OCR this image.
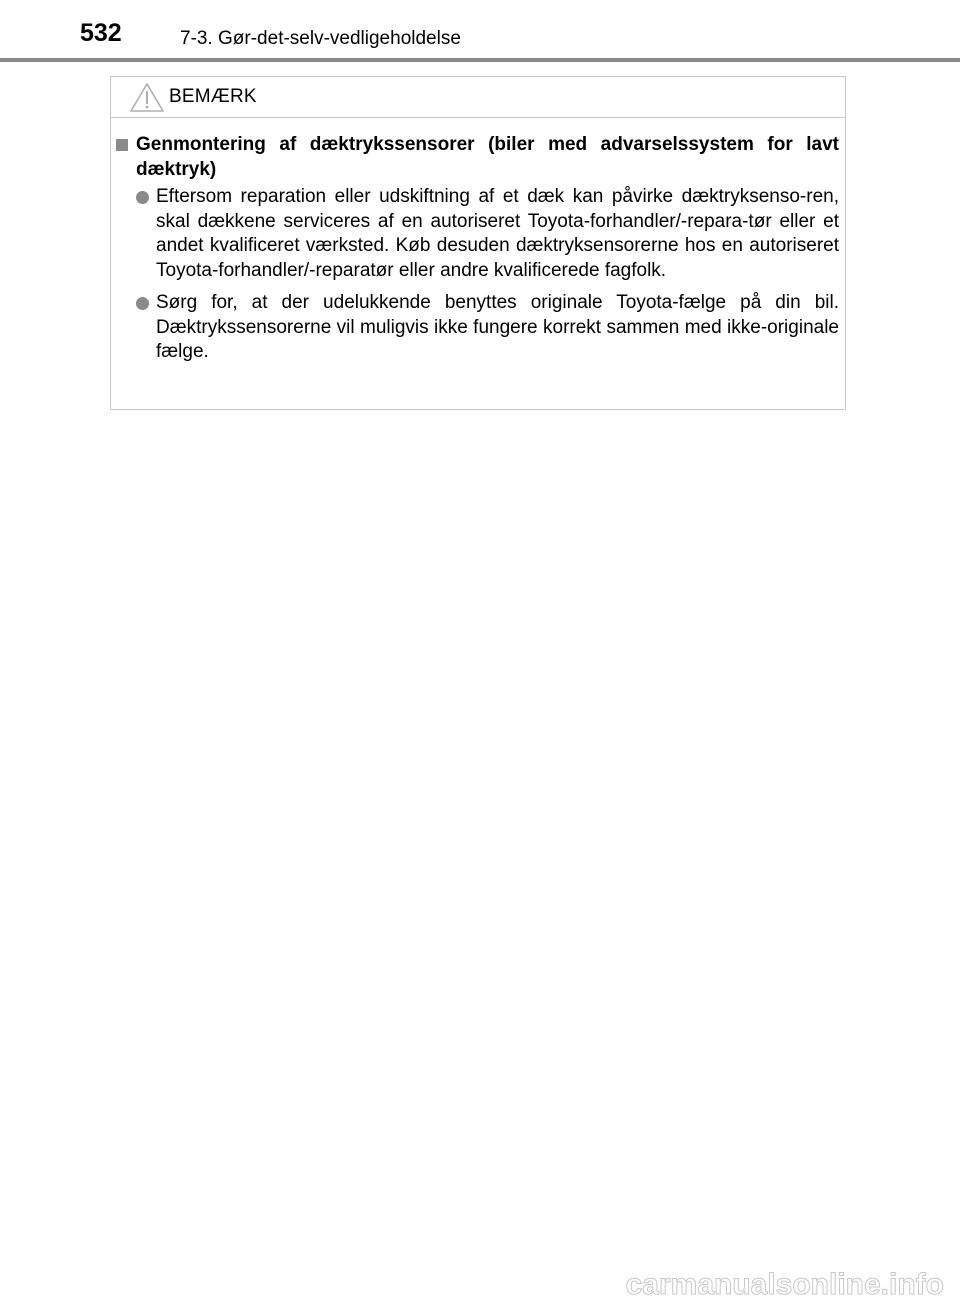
532	7-3. Gør-det-selv-vedligeholdelse
BEMÆRK
Genmontering af dæktrykssensorer (biler med advarselssystem for lavt dæktryk)
Eftersom reparation eller udskiftning af et dæk kan påvirke dæktryksenso-ren, skal dækkene serviceres af en autoriseret Toyota-forhandler/-repara-tør eller et andet kvalificeret værksted. Køb desuden dæktryksensorerne hos en autoriseret Toyota-forhandler/-reparatør eller andre kvalificerede fagfolk.
Sørg for, at der udelukkende benyttes originale Toyota-fælge på din bil. Dæktrykssensorerne vil muligvis ikke fungere korrekt sammen med ikke-originale fælge.
carmanualsonline.info
